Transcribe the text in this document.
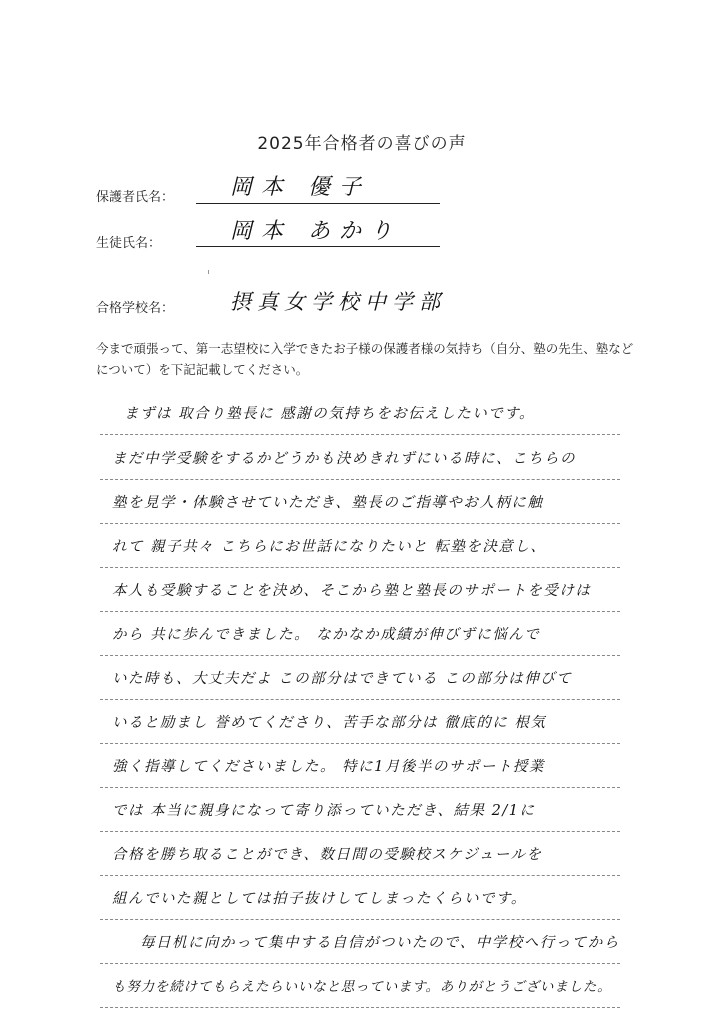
2025年合格者の喜びの声
保護者氏名：	岡本 優子
生徒氏名：	岡本 あかり
合格学校名：	摂真女学校中学部
今まで頑張って、第一志望校に入学できたお子様の保護者様の気持ち（自分、塾の先生、塾などについて）を下記記載してください。
まずは 取合り塾長に 感謝の気持ちをお伝えしたいです。
まだ中学受験をするかどうかも決めきれずにいる時に、こちらの
塾を見学・体験させていただき、塾長のご指導やお人柄に触
れて 親子共々 こちらにお世話になりたいと 転塾を決意し、
本人も受験することを決め、そこから塾と塾長のサポートを受けは
から 共に歩んできました。 なかなか成績が伸びずに悩んで
いた時も、大丈夫だよ この部分はできている この部分は伸びて
いると励まし 誉めてくださり、苦手な部分は 徹底的に 根気
強く指導してくださいました。 特に1月後半のサポート授業
では 本当に親身になって寄り添っていただき、結果 2/1に
合格を勝ち取ることができ、数日間の受験校スケジュールを
組んでいた親としては拍子抜けしてしまったくらいです。
毎日机に向かって集中する自信がついたので、中学校へ行ってから
も努力を続けてもらえたらいいなと思っています。ありがとうございました。
